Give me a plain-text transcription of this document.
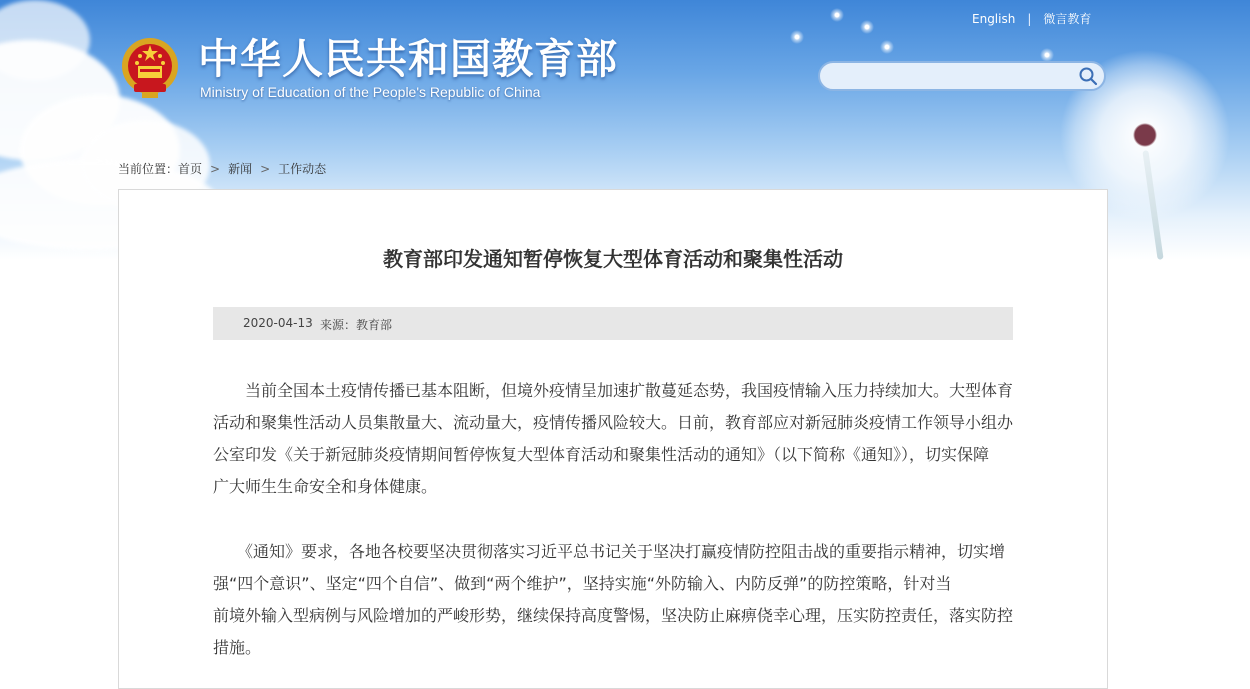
中华人民共和国教育部
Ministry of Education of the People's Republic of China
English | 微言教育
当前位置：首页 > 新闻 > 工作动态
教育部印发通知暂停恢复大型体育活动和聚集性活动
2020-04-13 来源：教育部
　　当前全国本土疫情传播已基本阻断，但境外疫情呈加速扩散蔓延态势，我国疫情输入压力持续加大。大型体育
活动和聚集性活动人员集散量大、流动量大，疫情传播风险较大。日前，教育部应对新冠肺炎疫情工作领导小组办
公室印发《关于新冠肺炎疫情期间暂停恢复大型体育活动和聚集性活动的通知》（以下简称《通知》），切实保障
广大师生生命安全和身体健康。
　　《通知》要求，各地各校要坚决贯彻落实习近平总书记关于坚决打赢疫情防控阻击战的重要指示精神，切实增
强“四个意识”、坚定“四个自信”、做到“两个维护”，坚持实施“外防输入、内防反弹”的防控策略，针对当
前境外输入型病例与风险增加的严峻形势，继续保持高度警惕，坚决防止麻痹侥幸心理，压实防控责任，落实防控
措施。
